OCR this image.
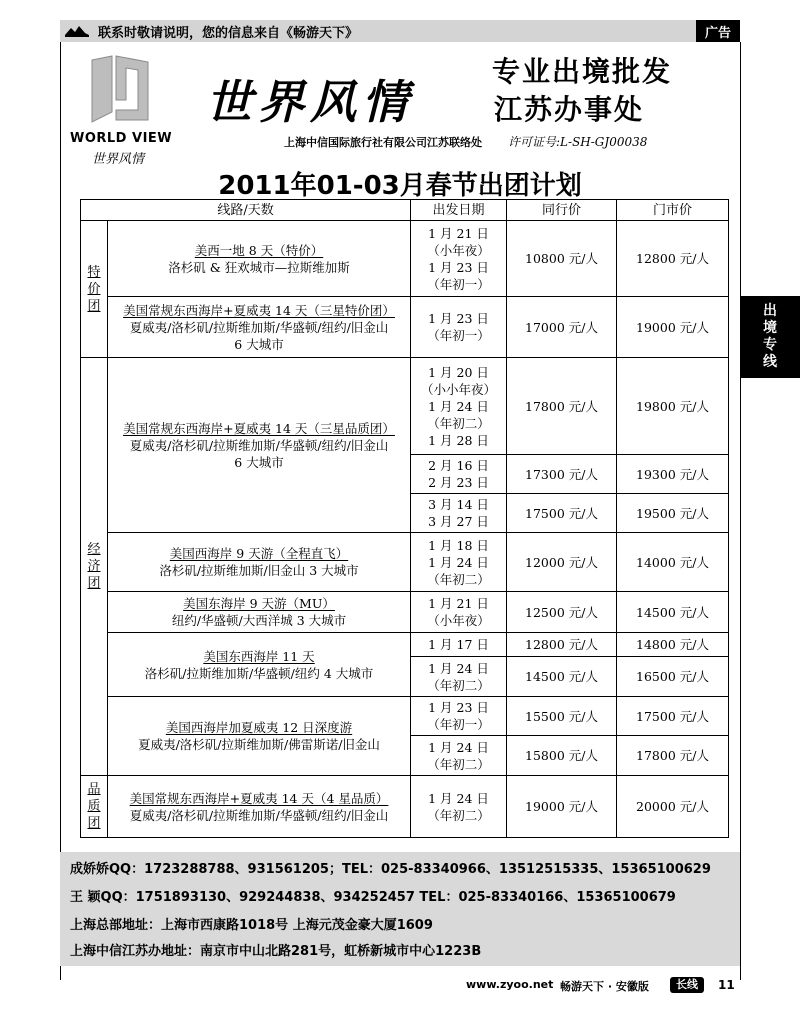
联系时敬请说明，您的信息来自《畅游天下》	广告
WORLD VIEW
世界风情
世界风情
专业出境批发
江苏办事处
上海中信国际旅行社有限公司江苏联络处 许可证号:L-SH-GJ00038
2011年01-03月春节出团计划
出
境
专
线
线路/天数		出发日期	同行价	门市价

特
价
团	美西一地 8 天（特价）
洛杉矶 & 狂欢城市—拉斯维加斯	1 月 21 日
（小年夜）
1 月 23 日
（年初一）	10800 元/人	12800 元/人

	美国常规东西海岸+夏威夷 14 天（三星特价团）
夏威夷/洛杉矶/拉斯维加斯/华盛顿/纽约/旧金山
6 大城市	1 月 23 日
（年初一）	17000 元/人	19000 元/人

经
济
团	美国常规东西海岸+夏威夷 14 天（三星品质团）
夏威夷/洛杉矶/拉斯维加斯/华盛顿/纽约/旧金山
6 大城市	1 月 20 日
（小小年夜）
1 月 24 日
（年初二）
1 月 28 日	17800 元/人	19800 元/人

		2 月 16 日
2 月 23 日	17300 元/人	19300 元/人

		3 月 14 日
3 月 27 日	17500 元/人	19500 元/人

	美国西海岸 9 天游（全程直飞）
洛杉矶/拉斯维加斯/旧金山 3 大城市	1 月 18 日
1 月 24 日
（年初二）	12000 元/人	14000 元/人

	美国东海岸 9 天游（MU）
纽约/华盛顿/大西洋城 3 大城市	1 月 21 日
（小年夜）	12500 元/人	14500 元/人

	美国东西海岸 11 天
洛杉矶/拉斯维加斯/华盛顿/纽约 4 大城市	1 月 17 日	12800 元/人	14800 元/人

		1 月 24 日
（年初二）	14500 元/人	16500 元/人

	美国西海岸加夏威夷 12 日深度游
夏威夷/洛杉矶/拉斯维加斯/佛雷斯诺/旧金山	1 月 23 日
（年初一）	15500 元/人	17500 元/人

		1 月 24 日
（年初二）	15800 元/人	17800 元/人

品
质
团	美国常规东西海岸+夏威夷 14 天（4 星品质）
夏威夷/洛杉矶/拉斯维加斯/华盛顿/纽约/旧金山	1 月 24 日
（年初二）	19000 元/人	20000 元/人
成娇娇QQ：1723288788、931561205；TEL：025-83340966、13512515335、15365100629
王 颖QQ：1751893130、929244838、934252457 TEL：025-83340166、15365100679
上海总部地址：上海市西康路1018号 上海元茂金豪大厦1609
上海中信江苏办地址：南京市中山北路281号，虹桥新城市中心1223B
www.zyoo.net 畅游天下 · 安徽版	长线	11
